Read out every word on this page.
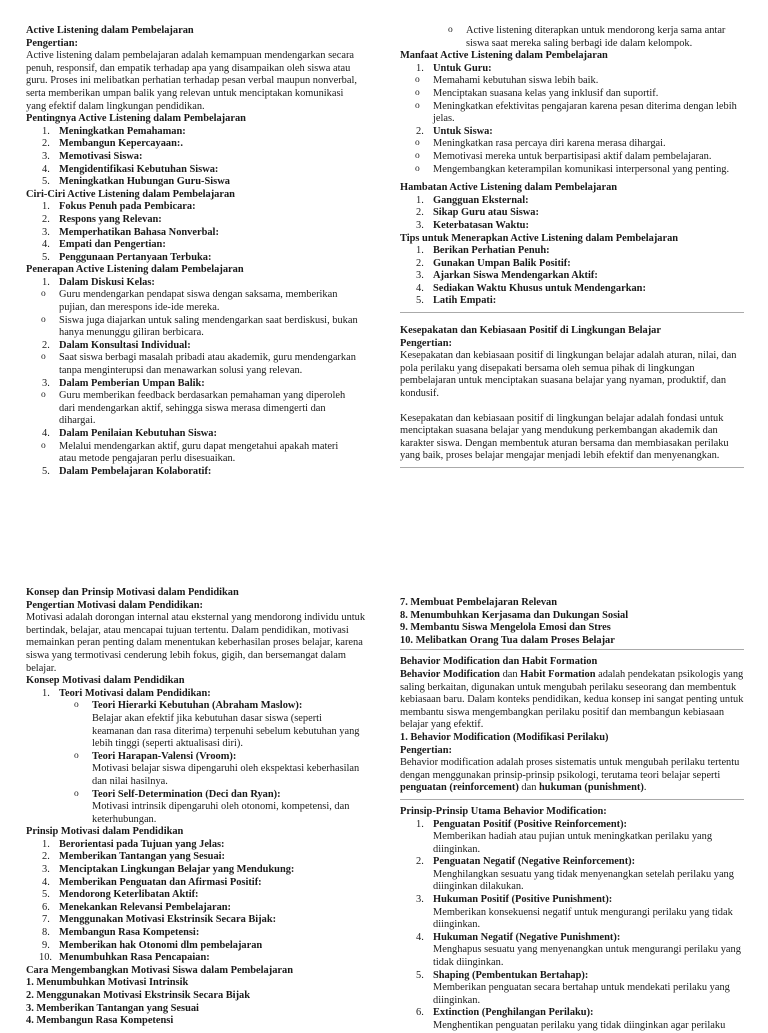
Active Listening dalam Pembelajaran

Pengertian:

Active listening dalam pembelajaran adalah kemampuan mendengarkan secara penuh, responsif, dan empatik terhadap apa yang disampaikan oleh siswa atau guru. Proses ini melibatkan perhatian terhadap pesan verbal maupun nonverbal, serta memberikan umpan balik yang relevan untuk menciptakan komunikasi yang efektif dalam lingkungan pendidikan.

Pentingnya Active Listening dalam Pembelajaran

1. Meningkatkan Pemahaman:
2. Membangun Kepercayaan:.
3. Memotivasi Siswa:
4. Mengidentifikasi Kebutuhan Siswa:
5. Meningkatkan Hubungan Guru-Siswa

Ciri-Ciri Active Listening dalam Pembelajaran

1. Fokus Penuh pada Pembicara:
2. Respons yang Relevan:
3. Memperhatikan Bahasa Nonverbal:
4. Empati dan Pengertian:
5. Penggunaan Pertanyaan Terbuka:

Penerapan Active Listening dalam Pembelajaran

1. Dalam Diskusi Kelas:
o Guru mendengarkan pendapat siswa dengan saksama, memberikan pujian, dan merespons ide-ide mereka.
o Siswa juga diajarkan untuk saling mendengarkan saat berdiskusi, bukan hanya menunggu giliran berbicara.
2. Dalam Konsultasi Individual:
o Saat siswa berbagi masalah pribadi atau akademik, guru mendengarkan tanpa menginterupsi dan menawarkan solusi yang relevan.
3. Dalam Pemberian Umpan Balik:
o Guru memberikan feedback berdasarkan pemahaman yang diperoleh dari mendengarkan aktif, sehingga siswa merasa dimengerti dan dihargai.
4. Dalam Penilaian Kebutuhan Siswa:
o Melalui mendengarkan aktif, guru dapat mengetahui apakah materi atau metode pengajaran perlu disesuaikan.
5. Dalam Pembelajaran Kolaboratif:
o Active listening diterapkan untuk mendorong kerja sama antar siswa saat mereka saling berbagi ide dalam kelompok.

Manfaat Active Listening dalam Pembelajaran

1. Untuk Guru:
o Memahami kebutuhan siswa lebih baik.
o Menciptakan suasana kelas yang inklusif dan suportif.
o Meningkatkan efektivitas pengajaran karena pesan diterima dengan lebih jelas.
2. Untuk Siswa:
o Meningkatkan rasa percaya diri karena merasa dihargai.
o Memotivasi mereka untuk berpartisipasi aktif dalam pembelajaran.
o Mengembangkan keterampilan komunikasi interpersonal yang penting.

Hambatan Active Listening dalam Pembelajaran

1. Gangguan Eksternal:
2. Sikap Guru atau Siswa:
3. Keterbatasan Waktu:

Tips untuk Menerapkan Active Listening dalam Pembelajaran

1. Berikan Perhatian Penuh:
2. Gunakan Umpan Balik Positif:
3. Ajarkan Siswa Mendengarkan Aktif:
4. Sediakan Waktu Khusus untuk Mendengarkan:
5. Latih Empati:

Kesepakatan dan Kebiasaan Positif di Lingkungan Belajar

Pengertian:

Kesepakatan dan kebiasaan positif di lingkungan belajar adalah aturan, nilai, dan pola perilaku yang disepakati bersama oleh semua pihak di lingkungan pembelajaran untuk menciptakan suasana belajar yang nyaman, produktif, dan kondusif.

Kesepakatan dan kebiasaan positif di lingkungan belajar adalah fondasi untuk menciptakan suasana belajar yang mendukung perkembangan akademik dan karakter siswa. Dengan membentuk aturan bersama dan membiasakan perilaku yang baik, proses belajar mengajar menjadi lebih efektif dan menyenangkan.

Konsep dan Prinsip Motivasi dalam Pendidikan

Pengertian Motivasi dalam Pendidikan:

Motivasi adalah dorongan internal atau eksternal yang mendorong individu untuk bertindak, belajar, atau mencapai tujuan tertentu. Dalam pendidikan, motivasi memainkan peran penting dalam menentukan keberhasilan proses belajar, karena siswa yang termotivasi cenderung lebih fokus, gigih, dan bersemangat dalam belajar.

Konsep Motivasi dalam Pendidikan

1. Teori Motivasi dalam Pendidikan:
o Teori Hierarki Kebutuhan (Abraham Maslow):
Belajar akan efektif jika kebutuhan dasar siswa (seperti keamanan dan rasa diterima) terpenuhi sebelum kebutuhan yang lebih tinggi (seperti aktualisasi diri).
o Teori Harapan-Valensi (Vroom):
Motivasi belajar siswa dipengaruhi oleh ekspektasi keberhasilan dan nilai hasilnya.
o Teori Self-Determination (Deci dan Ryan):
Motivasi intrinsik dipengaruhi oleh otonomi, kompetensi, dan keterhubungan.

Prinsip Motivasi dalam Pendidikan

1. Berorientasi pada Tujuan yang Jelas:
2. Memberikan Tantangan yang Sesuai:
3. Menciptakan Lingkungan Belajar yang Mendukung:
4. Memberikan Penguatan dan Afirmasi Positif:
5. Mendorong Keterlibatan Aktif:
6. Menekankan Relevansi Pembelajaran:
7. Menggunakan Motivasi Ekstrinsik Secara Bijak:
8. Membangun Rasa Kompetensi:
9. Memberikan hak Otonomi dlm pembelajaran
10. Menumbuhkan Rasa Pencapaian:

Cara Mengembangkan Motivasi Siswa dalam Pembelajaran

1. Menumbuhkan Motivasi Intrinsik

2. Menggunakan Motivasi Ekstrinsik Secara Bijak

3. Memberikan Tantangan yang Sesuai

4. Membangun Rasa Kompetensi

7. Membuat Pembelajaran Relevan

8. Menumbuhkan Kerjasama dan Dukungan Sosial

9. Membantu Siswa Mengelola Emosi dan Stres

10. Melibatkan Orang Tua dalam Proses Belajar

Behavior Modification dan Habit Formation

Behavior Modification dan Habit Formation adalah pendekatan psikologis yang saling berkaitan, digunakan untuk mengubah perilaku seseorang dan membentuk kebiasaan baru. Dalam konteks pendidikan, kedua konsep ini sangat penting untuk membantu siswa mengembangkan perilaku positif dan membangun kebiasaan belajar yang efektif.

1. Behavior Modification (Modifikasi Perilaku)

Pengertian:

Behavior modification adalah proses sistematis untuk mengubah perilaku tertentu dengan menggunakan prinsip-prinsip psikologi, terutama teori belajar seperti penguatan (reinforcement) dan hukuman (punishment).

Prinsip-Prinsip Utama Behavior Modification:

1. Penguatan Positif (Positive Reinforcement):
Memberikan hadiah atau pujian untuk meningkatkan perilaku yang diinginkan.
2. Penguatan Negatif (Negative Reinforcement):
Menghilangkan sesuatu yang tidak menyenangkan setelah perilaku yang diinginkan dilakukan.
3. Hukuman Positif (Positive Punishment):
Memberikan konsekuensi negatif untuk mengurangi perilaku yang tidak diinginkan.
4. Hukuman Negatif (Negative Punishment):
Menghapus sesuatu yang menyenangkan untuk mengurangi perilaku yang tidak diinginkan.
5. Shaping (Pembentukan Bertahap):
Memberikan penguatan secara bertahap untuk mendekati perilaku yang diinginkan.
6. Extinction (Penghilangan Perilaku):
Menghentikan penguatan perilaku yang tidak diinginkan agar perilaku
